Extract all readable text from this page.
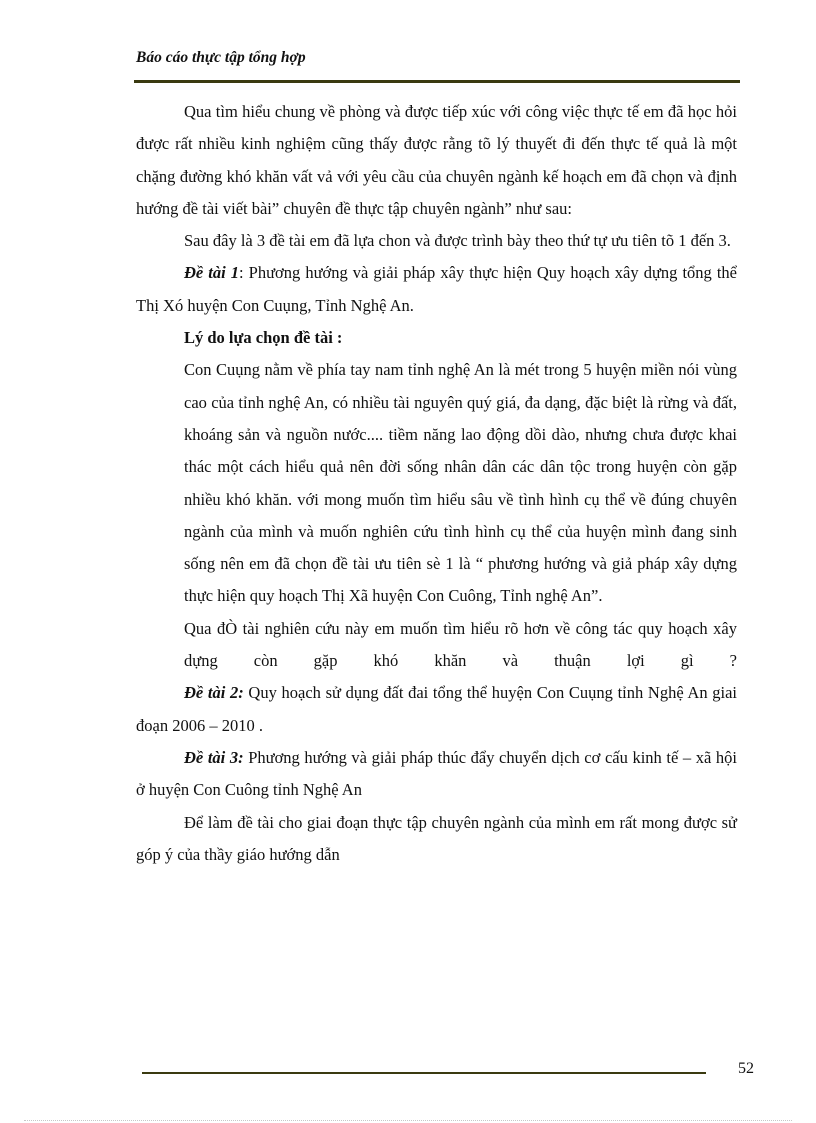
Báo cáo thực tập tổng hợp

Qua tìm hiểu chung về phòng và được tiếp xúc với công việc thực tế em đã học hỏi được rất nhiều kinh nghiệm cũng thấy được rằng tõ lý thuyết đi đến thực tế quả là một chặng đường khó khăn vất vả với yêu cầu của chuyên ngành kế hoạch em đã chọn và định hướng đề tài viết bài” chuyên đề thực tập chuyên ngành” như sau:

Sau đây là 3 đề tài em đã lựa chon và được trình bày theo thứ tự ưu tiên tõ 1 đến 3.

Đề tài 1: Phương hướng và giải pháp xây thực hiện Quy hoạch xây dựng tổng thể Thị Xó huyện Con Cuụng, Tỉnh Nghệ An.

Lý do lựa chọn đề tài :

Con Cuụng nằm về phía tay nam tỉnh nghệ An là mét trong 5 huyện miền nói vùng cao của tỉnh nghệ An, có nhiều tài nguyên quý giá, đa dạng, đặc biệt là rừng và đất, khoáng sản và nguồn nước.... tiềm năng lao động dồi dào, nhưng chưa được khai thác một cách hiểu quả nên đời sống nhân dân các dân tộc trong huyện còn gặp nhiều khó khăn. với mong muốn tìm hiểu sâu về tình hình cụ thể về đúng chuyên ngành của mình và muốn nghiên cứu tình hình cụ thể của huyện mình đang sinh sống nên em đã chọn đề tài ưu tiên sè 1 là “ phương hướng và giả pháp xây dựng thực hiện quy hoạch Thị Xã huyện Con Cuông, Tỉnh nghệ An”.

Qua đÒ tài nghiên cứu này em muốn tìm hiểu rõ hơn về công tác quy hoạch xây dựng còn gặp khó khăn và thuận lợi gì ?

Đề tài 2: Quy hoạch sử dụng đất đai tổng thể huyện Con Cuụng tỉnh Nghệ An giai đoạn 2006 – 2010 .

Đề tài 3: Phương hướng và giải pháp thúc đẩy chuyển dịch cơ cấu kinh tế – xã hội ở huyện Con Cuông tỉnh Nghệ An

Để làm đề tài cho giai đoạn thực tập chuyên ngành của mình em rất mong được sử góp ý của thầy giáo hướng dẫn

52
